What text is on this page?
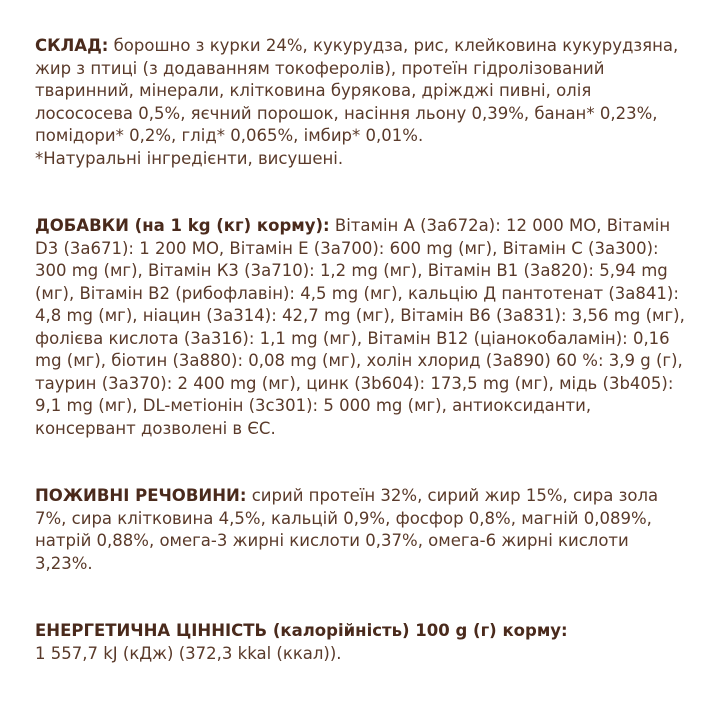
СКЛАД: борошно з курки 24%, кукурудза, рис, клейковина кукурудзяна, жир з птиці (з додаванням токоферолів), протеїн гідролізований тваринний, мінерали, клітковина бурякова, дріжджі пивні, олія лосососева 0,5%, яєчний порошок, насіння льону 0,39%, банан* 0,23%, помідори* 0,2%, глід* 0,065%, імбир* 0,01%.
*Натуральні інгредієнти, висушені.

ДОБАВКИ (на 1 kg (кг) корму): Вітамін А (3а672а): 12 000 МО, Вітамін D3 (3а671): 1 200 МО, Вітамін Е (3а700): 600 mg (мг), Вітамін С (3а300): 300 mg (мг), Вітамін К3 (3а710): 1,2 mg (мг), Вітамін В1 (3а820): 5,94 mg (мг), Вітамін В2 (рибофлавін): 4,5 mg (мг), кальцію Д пантотенат (3а841): 4,8 mg (мг), ніацин (3а314): 42,7 mg (мг), Вітамін В6 (3а831): 3,56 mg (мг), фолієва кислота (3а316): 1,1 mg (мг), Вітамін В12 (ціанокобаламін): 0,16 mg (мг), біотин (3а880): 0,08 mg (мг), холін хлорид (3а890) 60 %: 3,9 g (г), таурин (3а370): 2 400 mg (мг), цинк (3b604): 173,5 mg (мг), мідь (3b405): 9,1 mg (мг), DL-метіонін (3с301): 5 000 mg (мг), антиоксиданти, консервант дозволені в ЄС.

ПОЖИВНІ РЕЧОВИНИ: сирий протеїн 32%, сирий жир 15%, сира зола 7%, сира клітковина 4,5%, кальцій 0,9%, фосфор 0,8%, магній 0,089%, натрій 0,88%, омега-3 жирні кислоти 0,37%, омега-6 жирні кислоти 3,23%.

ЕНЕРГЕТИЧНА ЦІННІСТЬ (калорійність) 100 g (г) корму:
1 557,7 kJ (кДж) (372,3 kkal (ккал)).
